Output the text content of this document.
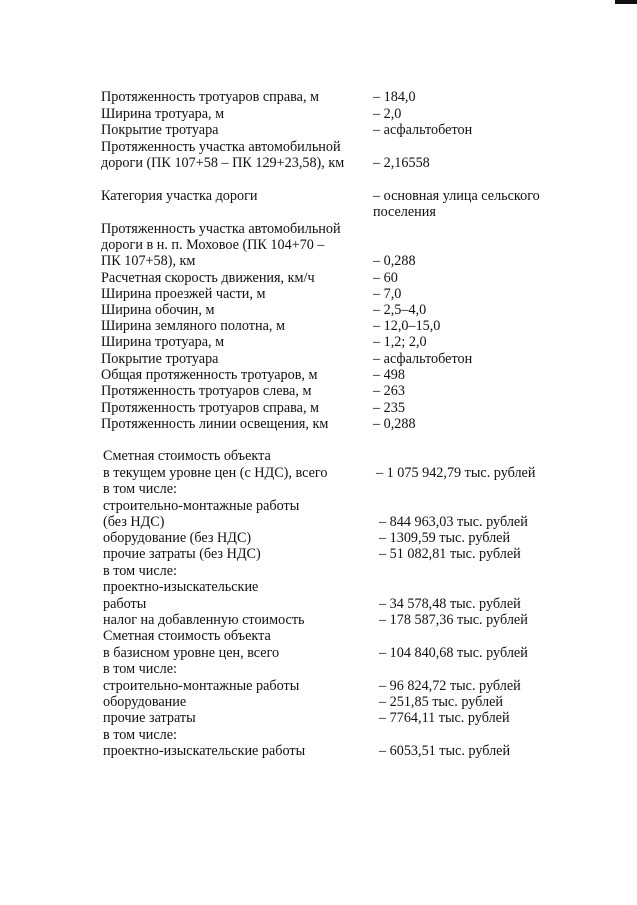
Протяженность тротуаров справа, м	– 184,0
Ширина тротуара, м	– 2,0
Покрытие тротуара	– асфальтобетон
Протяженность участка автомобильной
дороги (ПК 107+58 – ПК 129+23,58), км – 2,16558
Категория участка дороги	– основная улица сельского
поселения
Протяженность участка автомобильной
дороги в н. п. Моховое (ПК 104+70 –
ПК 107+58), км	– 0,288
Расчетная скорость движения, км/ч	– 60
Ширина проезжей части, м	– 7,0
Ширина обочин, м	– 2,5–4,0
Ширина земляного полотна, м	– 12,0–15,0
Ширина тротуара, м	– 1,2; 2,0
Покрытие тротуара	– асфальтобетон
Общая протяженность тротуаров, м	– 498
Протяженность тротуаров слева, м	– 263
Протяженность тротуаров справа, м	– 235
Протяженность линии освещения, км	– 0,288
Сметная стоимость объекта
в текущем уровне цен (с НДС), всего	– 1 075 942,79 тыс. рублей
в том числе:
строительно-монтажные работы
(без НДС)	– 844 963,03 тыс. рублей
оборудование (без НДС)	– 1309,59 тыс. рублей
прочие затраты (без НДС)	– 51 082,81 тыс. рублей
в том числе:
проектно-изыскательские
работы	– 34 578,48 тыс. рублей
налог на добавленную стоимость	– 178 587,36 тыс. рублей
Сметная стоимость объекта
в базисном уровне цен, всего	– 104 840,68 тыс. рублей
в том числе:
строительно-монтажные работы	– 96 824,72 тыс. рублей
оборудование	– 251,85 тыс. рублей
прочие затраты	– 7764,11 тыс. рублей
в том числе:
проектно-изыскательские работы	– 6053,51 тыс. рублей
